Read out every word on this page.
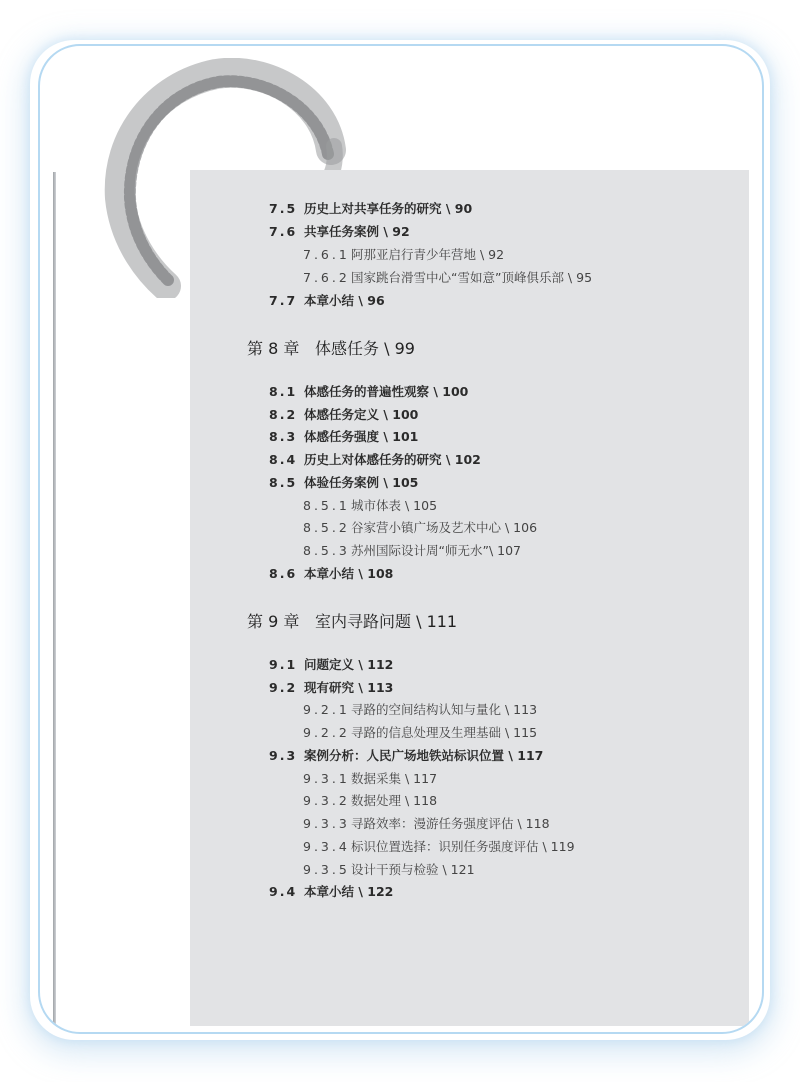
7.5 历史上对共享任务的研究 \ 90
7.6 共享任务案例 \ 92
7.6.1 阿那亚启行青少年营地 \ 92
7.6.2 国家跳台滑雪中心“雪如意”顶峰俱乐部 \ 95
7.7 本章小结 \ 96
第 8 章 体感任务 \ 99
8.1 体感任务的普遍性观察 \ 100
8.2 体感任务定义 \ 100
8.3 体感任务强度 \ 101
8.4 历史上对体感任务的研究 \ 102
8.5 体验任务案例 \ 105
8.5.1 城市体表 \ 105
8.5.2 谷家营小镇广场及艺术中心 \ 106
8.5.3 苏州国际设计周“师无水”\ 107
8.6 本章小结 \ 108
第 9 章 室内寻路问题 \ 111
9.1 问题定义 \ 112
9.2 现有研究 \ 113
9.2.1 寻路的空间结构认知与量化 \ 113
9.2.2 寻路的信息处理及生理基础 \ 115
9.3 案例分析：人民广场地铁站标识位置 \ 117
9.3.1 数据采集 \ 117
9.3.2 数据处理 \ 118
9.3.3 寻路效率：漫游任务强度评估 \ 118
9.3.4 标识位置选择：识别任务强度评估 \ 119
9.3.5 设计干预与检验 \ 121
9.4 本章小结 \ 122
